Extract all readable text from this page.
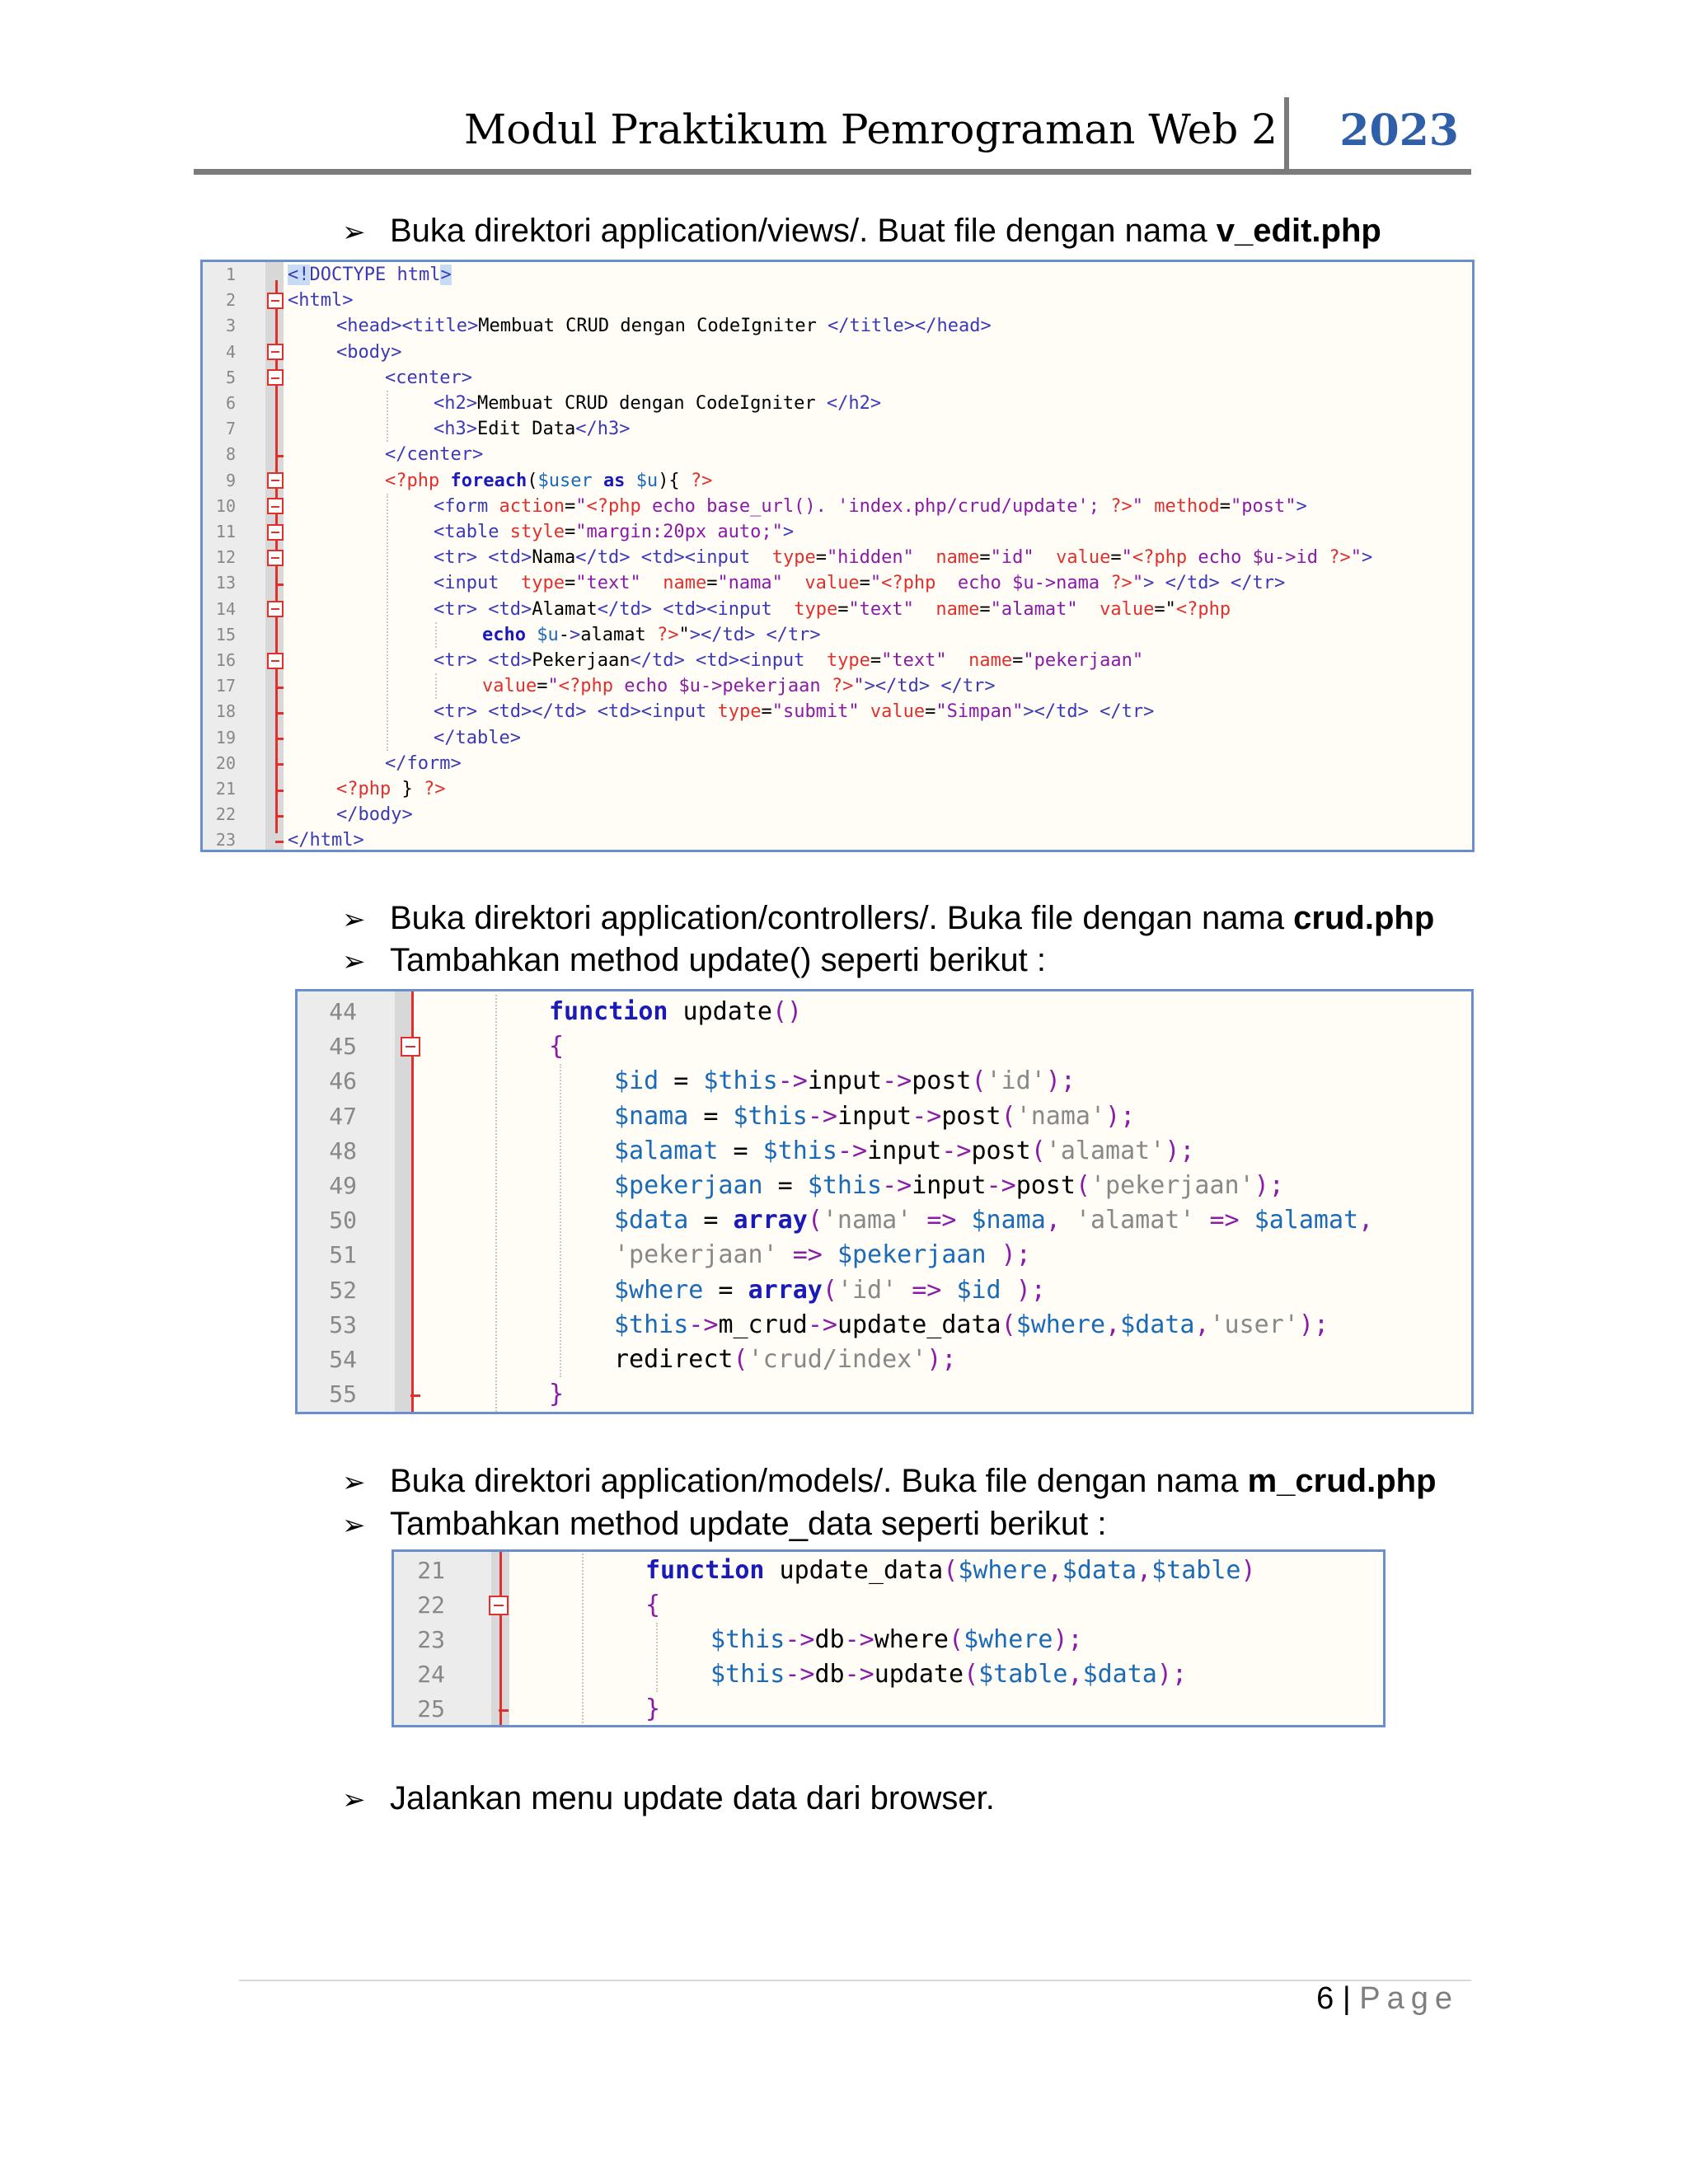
Modul Praktikum Pemrograman Web 2	2023
➢ Buka direktori application/views/. Buat file dengan nama v_edit.php
1	<!DOCTYPE html>
2	<html>
3	<head><title>Membuat CRUD dengan CodeIgniter </title></head>
4	<body>
5	<center>
6	<h2>Membuat CRUD dengan CodeIgniter </h2>
7	<h3>Edit Data</h3>
8	</center>
9	<?php foreach($user as $u){ ?>
10	<form action="<?php echo base_url(). 'index.php/crud/update'; ?>" method="post">
11	<table style="margin:20px auto;">
12	<tr> <td>Nama</td> <td><input type="hidden" name="id" value="<?php echo $u->id ?>">
13	<input type="text" name="nama" value="<?php  echo $u->nama ?>"> </td> </tr>
14	<tr> <td>Alamat</td> <td><input type="text" name="alamat" value="<?php
15	echo $u->alamat ?>"></td> </tr>
16	<tr> <td>Pekerjaan</td> <td><input type="text" name="pekerjaan"
17	value="<?php echo $u->pekerjaan ?>"></td> </tr>
18	<tr> <td></td> <td><input type="submit" value="Simpan"></td> </tr>
19	</table>
20	</form>
21	<?php } ?>
22	</body>
23	</html>
➢ Buka direktori application/controllers/. Buka file dengan nama crud.php
➢ Tambahkan method update() seperti berikut :
44	function update()
45	{
46	$id = $this->input->post('id');
47	$nama = $this->input->post('nama');
48	$alamat = $this->input->post('alamat');
49	$pekerjaan = $this->input->post('pekerjaan');
50	$data = array('nama' => $nama, 'alamat' => $alamat,
51	'pekerjaan' => $pekerjaan );
52	$where = array('id' => $id );
53	$this->m_crud->update_data($where,$data,'user');
54	redirect('crud/index');
55	}
➢ Buka direktori application/models/. Buka file dengan nama m_crud.php
➢ Tambahkan method update_data seperti berikut :
21	function update_data($where,$data,$table)
22	{
23	$this->db->where($where);
24	$this->db->update($table,$data);
25	}
➢ Jalankan menu update data dari browser.
6 | Page
